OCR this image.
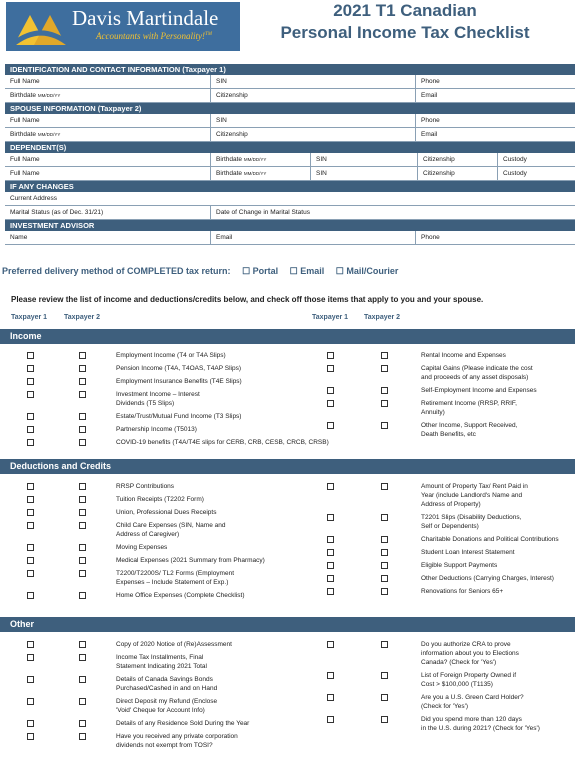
Davis Martindale
Accountants with Personality!™
2021 T1 Canadian
Personal Income Tax Checklist
IDENTIFICATION AND CONTACT INFORMATION (Taxpayer 1)
Full Name	SIN	Phone
Birthdate MM/DD/YY	Citizenship	Email
SPOUSE INFORMATION (Taxpayer 2)
Full Name	SIN	Phone
Birthdate MM/DD/YY	Citizenship	Email
DEPENDENT(S)
Full Name	Birthdate MM/DD/YY	SIN	Citizenship	Custody
Full Name	Birthdate MM/DD/YY	SIN	Citizenship	Custody
IF ANY CHANGES
Current Address
Marital Status (as of Dec. 31/21)	Date of Change in Marital Status
INVESTMENT ADVISOR
Name	Email	Phone
Preferred delivery method of COMPLETED tax return: ☐ Portal ☐ Email ☐ Mail/Courier
Please review the list of income and deductions/credits below, and check off those items that apply to you and your spouse.
Taxpayer 1 Taxpayer 2	Taxpayer 1 Taxpayer 2
Income
Employment Income (T4 or T4A Slips)
Pension Income (T4A, T4OAS, T4AP Slips)
Employment Insurance Benefits (T4E Slips)
Investment Income – Interest
Dividends (T5 Slips)
Estate/Trust/Mutual Fund Income (T3 Slips)
Partnership Income (T5013)
COVID-19 benefits (T4A/T4E slips for CERB, CRB, CESB, CRCB, CRSB)
Rental Income and Expenses
Capital Gains (Please indicate the cost
and proceeds of any asset disposals)
Self-Employment Income and Expenses
Retirement Income (RRSP, RRIF,
Annuity)
Other Income, Support Received,
Death Benefits, etc
Deductions and Credits
RRSP Contributions
Tuition Receipts (T2202 Form)
Union, Professional Dues Receipts
Child Care Expenses (SIN, Name and
Address of Caregiver)
Moving Expenses
Medical Expenses (2021 Summary from Pharmacy)
T2200/T2200S/ TL2 Forms (Employment
Expenses – Include Statement of Exp.)
Home Office Expenses (Complete Checklist)
Amount of Property Tax/ Rent Paid in
Year (include Landlord's Name and
Address of Property)
T2201 Slips (Disability Deductions,
Self or Dependents)
Charitable Donations and Political Contributions
Student Loan Interest Statement
Eligible Support Payments
Other Deductions (Carrying Charges, Interest)
Renovations for Seniors 65+
Other
Copy of 2020 Notice of (Re)Assessment
Income Tax Installments, Final
Statement Indicating 2021 Total
Details of Canada Savings Bonds
Purchased/Cashed in and on Hand
Direct Deposit my Refund (Enclose
'Void' Cheque for Account Info)
Details of any Residence Sold During the Year
Have you received any private corporation
dividends not exempt from TOSI?
Do you authorize CRA to prove
information about you to Elections
Canada? (Check for 'Yes')
List of Foreign Property Owned if
Cost > $100,000 (T1135)
Are you a U.S. Green Card Holder?
(Check for 'Yes')
Did you spend more than 120 days
in the U.S. during 2021? (Check for 'Yes')
